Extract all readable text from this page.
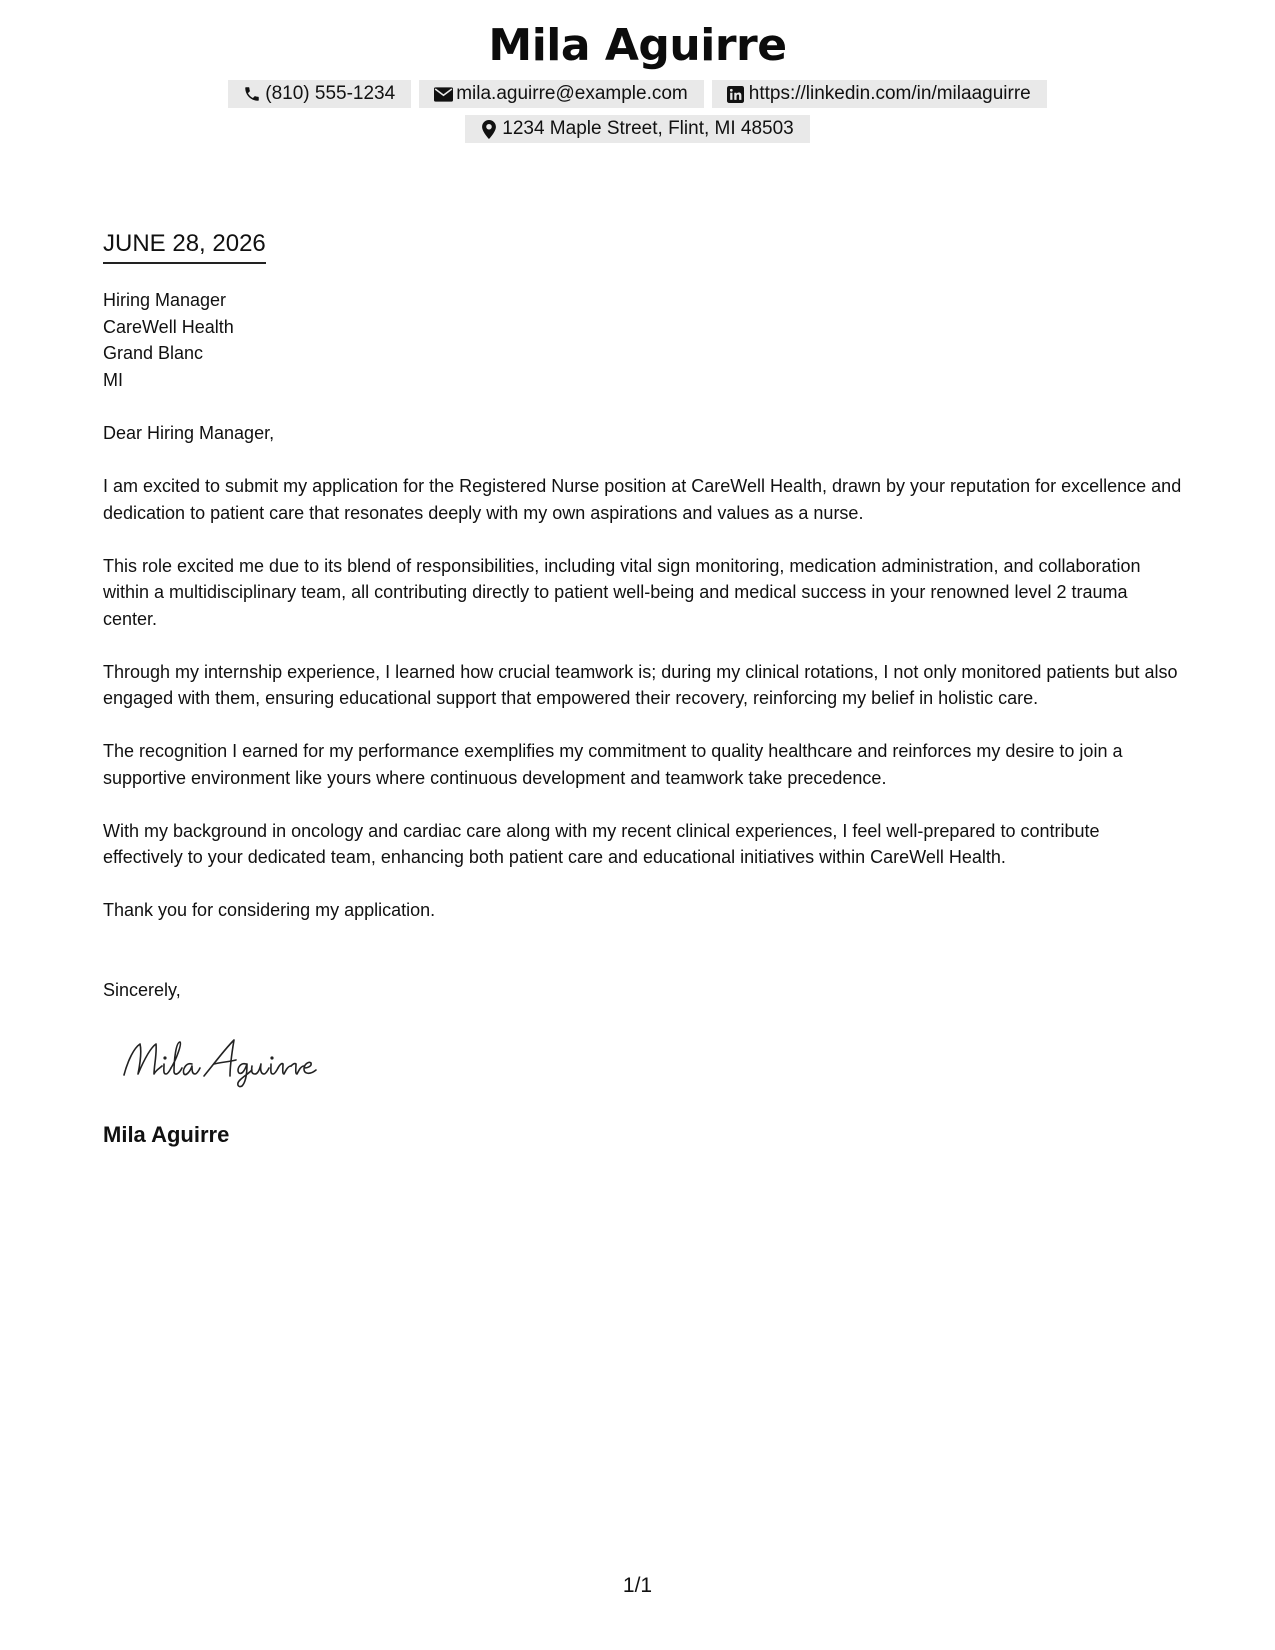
Mila Aguirre
(810) 555-1234	mila.aguirre@example.com	https://linkedin.com/in/milaaguirre
1234 Maple Street, Flint, MI 48503
JUNE 28, 2026
Hiring Manager
CareWell Health
Grand Blanc
MI

Dear Hiring Manager,

I am excited to submit my application for the Registered Nurse position at CareWell Health, drawn by your reputation for excellence and dedication to patient care that resonates deeply with my own aspirations and values as a nurse.

This role excited me due to its blend of responsibilities, including vital sign monitoring, medication administration, and collaboration within a multidisciplinary team, all contributing directly to patient well-being and medical success in your renowned level 2 trauma center.

Through my internship experience, I learned how crucial teamwork is; during my clinical rotations, I not only monitored patients but also engaged with them, ensuring educational support that empowered their recovery, reinforcing my belief in holistic care.

The recognition I earned for my performance exemplifies my commitment to quality healthcare and reinforces my desire to join a supportive environment like yours where continuous development and teamwork take precedence.

With my background in oncology and cardiac care along with my recent clinical experiences, I feel well-prepared to contribute effectively to your dedicated team, enhancing both patient care and educational initiatives within CareWell Health.

Thank you for considering my application.

Sincerely,
Mila Aguirre
1/1
